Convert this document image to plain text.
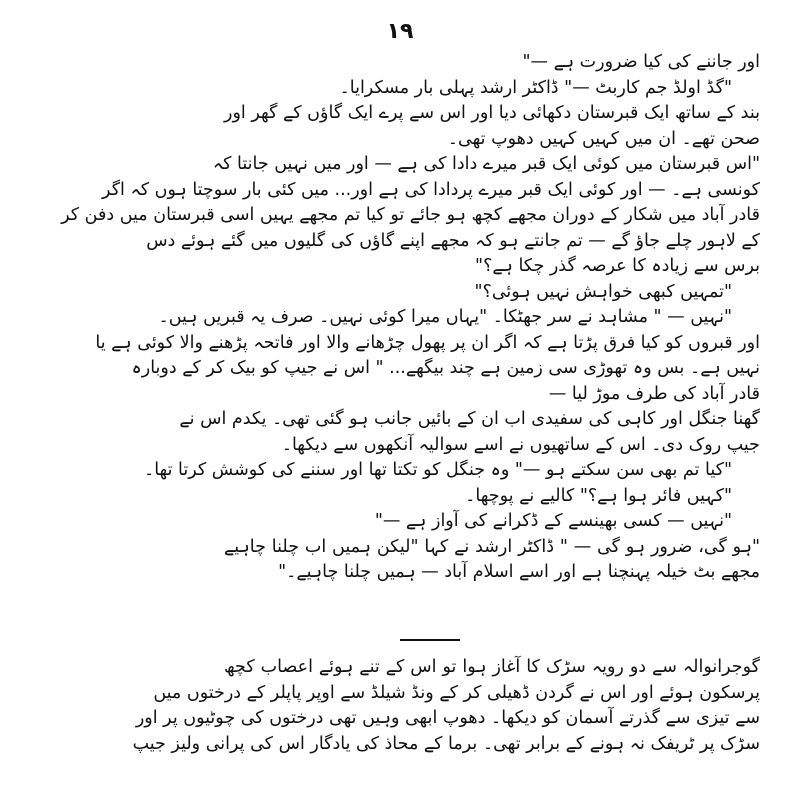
۱۹
اور جاننے کی کیا ضرورت ہے —"
"گڈ اولڈ جم کاربٹ —" ڈاکٹر ارشد پہلی بار مسکرایا۔
بند کے ساتھ ایک قبرستان دکھائی دیا اور اس سے پرے ایک گاؤں کے گھر اور
صحن تھے۔ ان میں کہیں کہیں دھوپ تھی۔
"اس قبرستان میں کوئی ایک قبر میرے دادا کی ہے — اور میں نہیں جانتا کہ
کونسی ہے۔ — اور کوئی ایک قبر میرے پردادا کی ہے اور... میں کئی بار سوچتا ہوں کہ اگر
قادر آباد میں شکار کے دوران مجھے کچھ ہو جائے تو کیا تم مجھے یہیں اسی قبرستان میں دفن کر
کے لاہور چلے جاؤ گے — تم جانتے ہو کہ مجھے اپنے گاؤں کی گلیوں میں گئے ہوئے دس
برس سے زیادہ کا عرصہ گذر چکا ہے؟"
"تمہیں کبھی خواہش نہیں ہوئی؟"
"نہیں — " مشاہد نے سر جھٹکا۔ "یہاں میرا کوئی نہیں۔ صرف یہ قبریں ہیں۔
اور قبروں کو کیا فرق پڑتا ہے کہ اگر ان پر پھول چڑھانے والا اور فاتحہ پڑھنے والا کوئی ہے یا
نہیں ہے۔ بس وہ تھوڑی سی زمین ہے چند بیگھے... " اس نے جیپ کو بیک کر کے دوبارہ
قادر آباد کی طرف موڑ لیا —
گھنا جنگل اور کاہی کی سفیدی اب ان کے بائیں جانب ہو گئی تھی۔ یکدم اس نے
جیپ روک دی۔ اس کے ساتھیوں نے اسے سوالیہ آنکھوں سے دیکھا۔
"کیا تم بھی سن سکتے ہو —" وہ جنگل کو تکتا تھا اور سننے کی کوشش کرتا تھا۔
"کہیں فائر ہوا ہے؟" کالیے نے پوچھا۔
"نہیں — کسی بھینسے کے ڈکرانے کی آواز ہے —"
"ہو گی، ضرور ہو گی — " ڈاکٹر ارشد نے کہا "لیکن ہمیں اب چلنا چاہیے
مجھے بٹ خیلہ پہنچنا ہے اور اسے اسلام آباد — ہمیں چلنا چاہیے۔"
گوجرانوالہ سے دو رویہ سڑک کا آغاز ہوا تو اس کے تنے ہوئے اعصاب کچھ
پرسکون ہوئے اور اس نے گردن ڈھیلی کر کے ونڈ شیلڈ سے اوپر پاپلر کے درختوں میں
سے تیزی سے گذرتے آسمان کو دیکھا۔ دھوپ ابھی وہیں تھی درختوں کی چوٹیوں پر اور
سڑک پر ٹریفک نہ ہونے کے برابر تھی۔ برما کے محاذ کی یادگار اس کی پرانی ولیز جیپ
